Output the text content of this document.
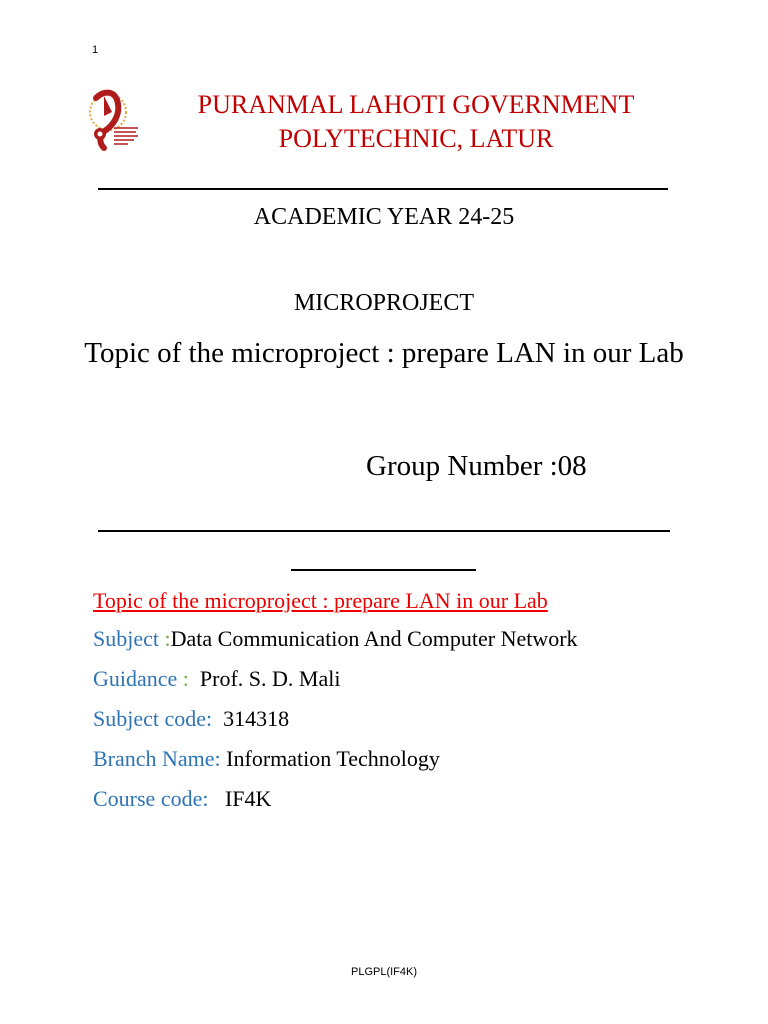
1
PURANMAL LAHOTI GOVERNMENT
POLYTECHNIC, LATUR
ACADEMIC YEAR 24-25
MICROPROJECT
Topic of the microproject : prepare LAN in our Lab
Group Number :08
Topic of the microproject : prepare LAN in our Lab
Subject :Data Communication And Computer Network
Guidance :  Prof. S. D. Mali
Subject code:  314318
Branch Name: Information Technology
Course code:   IF4K
PLGPL(IF4K)
